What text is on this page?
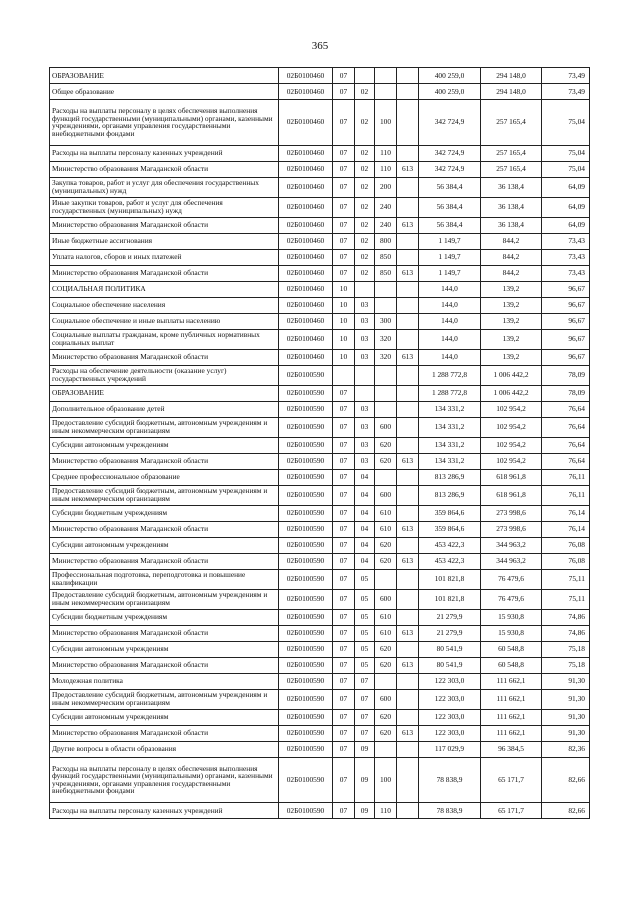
365
ОБРАЗОВАНИЕ	02Б0100460	07				400 259,0	294 148,0	73,49
Общее образование	02Б0100460	07	02			400 259,0	294 148,0	73,49
Расходы на выплаты персоналу в целях обеспечения выполнения функций государственными (муниципальными) органами, казенными учреждениями, органами управления государственными внебюджетными фондами	02Б0100460	07	02	100		342 724,9	257 165,4	75,04
Расходы на выплаты персоналу казенных учреждений	02Б0100460	07	02	110		342 724,9	257 165,4	75,04
Министерство образования Магаданской области	02Б0100460	07	02	110	613	342 724,9	257 165,4	75,04
Закупка товаров, работ и услуг для обеспечения государственных (муниципальных) нужд	02Б0100460	07	02	200		56 384,4	36 138,4	64,09
Иные закупки товаров, работ и услуг для обеспечения государственных (муниципальных) нужд	02Б0100460	07	02	240		56 384,4	36 138,4	64,09
Министерство образования Магаданской области	02Б0100460	07	02	240	613	56 384,4	36 138,4	64,09
Иные бюджетные ассигнования	02Б0100460	07	02	800		1 149,7	844,2	73,43
Уплата налогов, сборов и иных платежей	02Б0100460	07	02	850		1 149,7	844,2	73,43
Министерство образования Магаданской области	02Б0100460	07	02	850	613	1 149,7	844,2	73,43
СОЦИАЛЬНАЯ ПОЛИТИКА	02Б0100460	10				144,0	139,2	96,67
Социальное обеспечение населения	02Б0100460	10	03			144,0	139,2	96,67
Социальное обеспечение и иные выплаты населению	02Б0100460	10	03	300		144,0	139,2	96,67
Социальные выплаты гражданам, кроме публичных нормативных социальных выплат	02Б0100460	10	03	320		144,0	139,2	96,67
Министерство образования Магаданской области	02Б0100460	10	03	320	613	144,0	139,2	96,67
Расходы на обеспечение деятельности (оказание услуг) государственных учреждений	02Б0100590					1 288 772,8	1 006 442,2	78,09
ОБРАЗОВАНИЕ	02Б0100590	07				1 288 772,8	1 006 442,2	78,09
Дополнительное образование детей	02Б0100590	07	03			134 331,2	102 954,2	76,64
Предоставление субсидий бюджетным, автономным учреждениям и иным некоммерческим организациям	02Б0100590	07	03	600		134 331,2	102 954,2	76,64
Субсидии автономным учреждениям	02Б0100590	07	03	620		134 331,2	102 954,2	76,64
Министерство образования Магаданской области	02Б0100590	07	03	620	613	134 331,2	102 954,2	76,64
Среднее профессиональное образование	02Б0100590	07	04			813 286,9	618 961,8	76,11
Предоставление субсидий бюджетным, автономным учреждениям и иным некоммерческим организациям	02Б0100590	07	04	600		813 286,9	618 961,8	76,11
Субсидии бюджетным учреждениям	02Б0100590	07	04	610		359 864,6	273 998,6	76,14
Министерство образования Магаданской области	02Б0100590	07	04	610	613	359 864,6	273 998,6	76,14
Субсидии автономным учреждениям	02Б0100590	07	04	620		453 422,3	344 963,2	76,08
Министерство образования Магаданской области	02Б0100590	07	04	620	613	453 422,3	344 963,2	76,08
Профессиональная подготовка, переподготовка и повышение квалификации	02Б0100590	07	05			101 821,8	76 479,6	75,11
Предоставление субсидий бюджетным, автономным учреждениям и иным некоммерческим организациям	02Б0100590	07	05	600		101 821,8	76 479,6	75,11
Субсидии бюджетным учреждениям	02Б0100590	07	05	610		21 279,9	15 930,8	74,86
Министерство образования Магаданской области	02Б0100590	07	05	610	613	21 279,9	15 930,8	74,86
Субсидии автономным учреждениям	02Б0100590	07	05	620		80 541,9	60 548,8	75,18
Министерство образования Магаданской области	02Б0100590	07	05	620	613	80 541,9	60 548,8	75,18
Молодежная политика	02Б0100590	07	07			122 303,0	111 662,1	91,30
Предоставление субсидий бюджетным, автономным учреждениям и иным некоммерческим организациям	02Б0100590	07	07	600		122 303,0	111 662,1	91,30
Субсидии автономным учреждениям	02Б0100590	07	07	620		122 303,0	111 662,1	91,30
Министерство образования Магаданской области	02Б0100590	07	07	620	613	122 303,0	111 662,1	91,30
Другие вопросы в области образования	02Б0100590	07	09			117 029,9	96 384,5	82,36
Расходы на выплаты персоналу в целях обеспечения выполнения функций государственными (муниципальными) органами, казенными учреждениями, органами управления государственными внебюджетными фондами	02Б0100590	07	09	100		78 838,9	65 171,7	82,66
Расходы на выплаты персоналу казенных учреждений	02Б0100590	07	09	110		78 838,9	65 171,7	82,66
